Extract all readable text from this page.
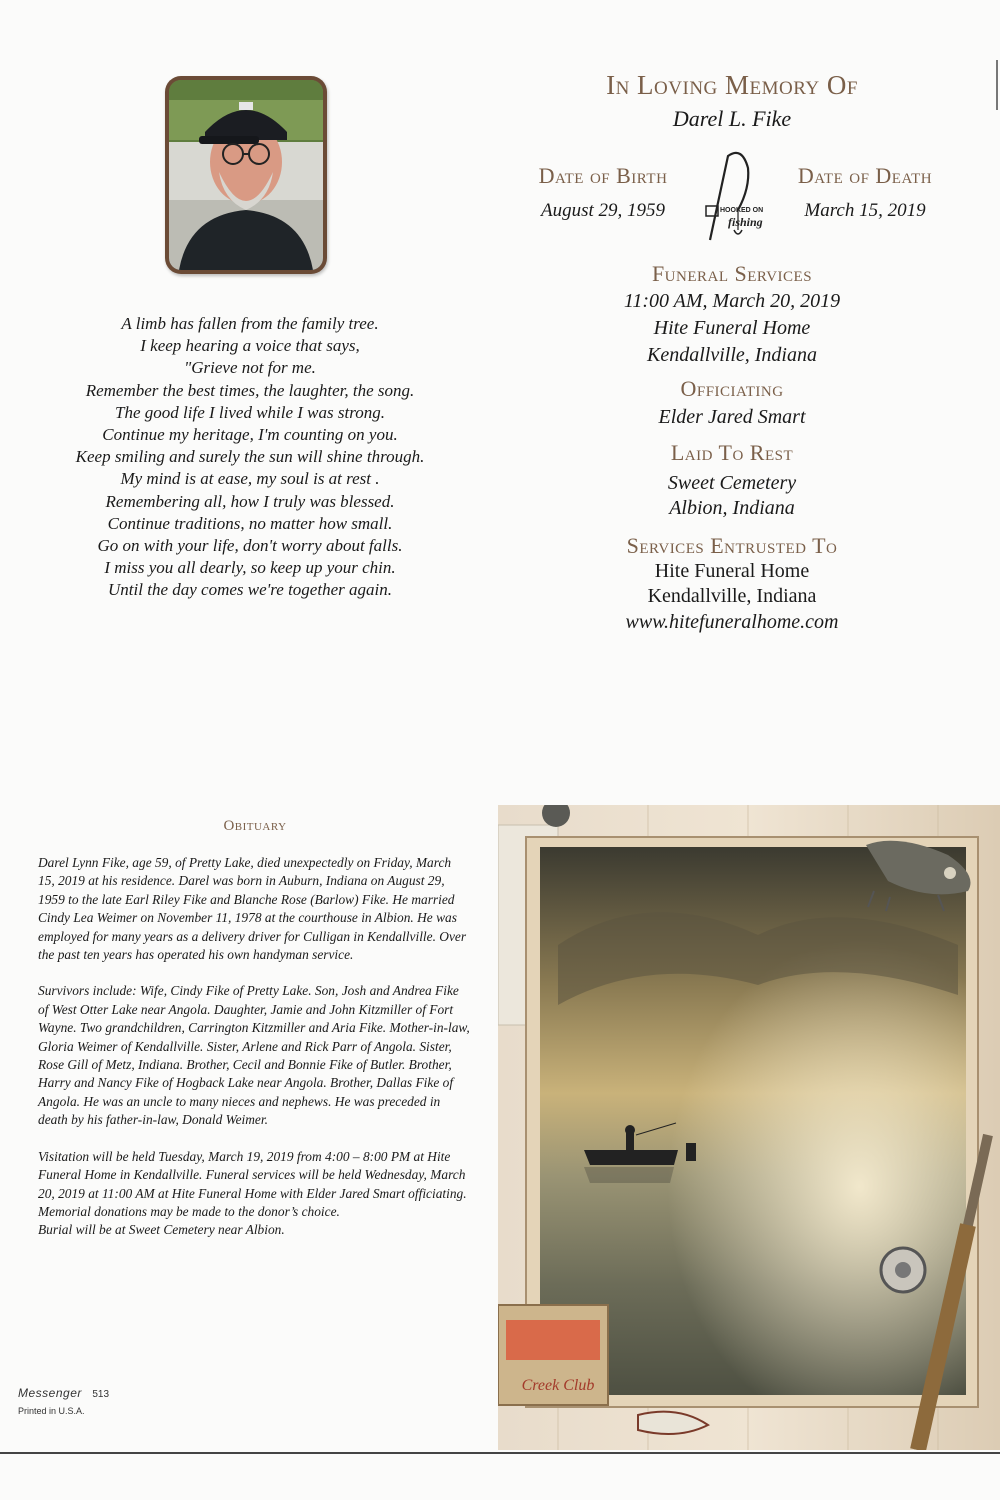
A limb has fallen from the family tree.
I keep hearing a voice that says,
"Grieve not for me.
Remember the best times, the laughter, the song.
The good life I lived while I was strong.
Continue my heritage, I'm counting on you.
Keep smiling and surely the sun will shine through.
My mind is at ease, my soul is at rest .
Remembering all, how I truly was blessed.
Continue traditions, no matter how small.
Go on with your life, don't worry about falls.
I miss you all dearly, so keep up your chin.
Until the day comes we're together again.
In Loving Memory Of
Darel L. Fike
Date of Birth
August 29, 1959
Date of Death
March 15, 2019
HOOKED ON
fishing
Funeral Services
11:00 AM, March 20, 2019
Hite Funeral Home
Kendallville, Indiana
Officiating
Elder Jared Smart
Laid To Rest
Sweet Cemetery
Albion, Indiana
Services Entrusted To
Hite Funeral Home
Kendallville, Indiana
www.hitefuneralhome.com
Obituary

Darel Lynn Fike, age 59, of Pretty Lake, died unexpectedly on Friday, March 15, 2019 at his residence. Darel was born in Auburn, Indiana on August 29, 1959 to the late Earl Riley Fike and Blanche Rose (Barlow) Fike. He married Cindy Lea Weimer on November 11, 1978 at the courthouse in Albion. He was employed for many years as a delivery driver for Culligan in Kendallville. Over the past ten years has operated his own handyman service.

Survivors include: Wife, Cindy Fike of Pretty Lake. Son, Josh and Andrea Fike of West Otter Lake near Angola. Daughter, Jamie and John Kitzmiller of Fort Wayne. Two grandchildren, Carrington Kitzmiller and Aria Fike. Mother-in-law, Gloria Weimer of Kendallville. Sister, Arlene and Rick Parr of Angola. Sister, Rose Gill of Metz, Indiana. Brother, Cecil and Bonnie Fike of Butler. Brother, Harry and Nancy Fike of Hogback Lake near Angola. Brother, Dallas Fike of Angola. He was an uncle to many nieces and nephews. He was preceded in death by his father-in-law, Donald Weimer.

Visitation will be held Tuesday, March 19, 2019 from 4:00 – 8:00 PM at Hite Funeral Home in Kendallville. Funeral services will be held Wednesday, March 20, 2019 at 11:00 AM at Hite Funeral Home with Elder Jared Smart officiating. Memorial donations may be made to the donor’s choice.

Burial will be at Sweet Cemetery near Albion.

Messenger 513
Printed in U.S.A.
Creek Club
